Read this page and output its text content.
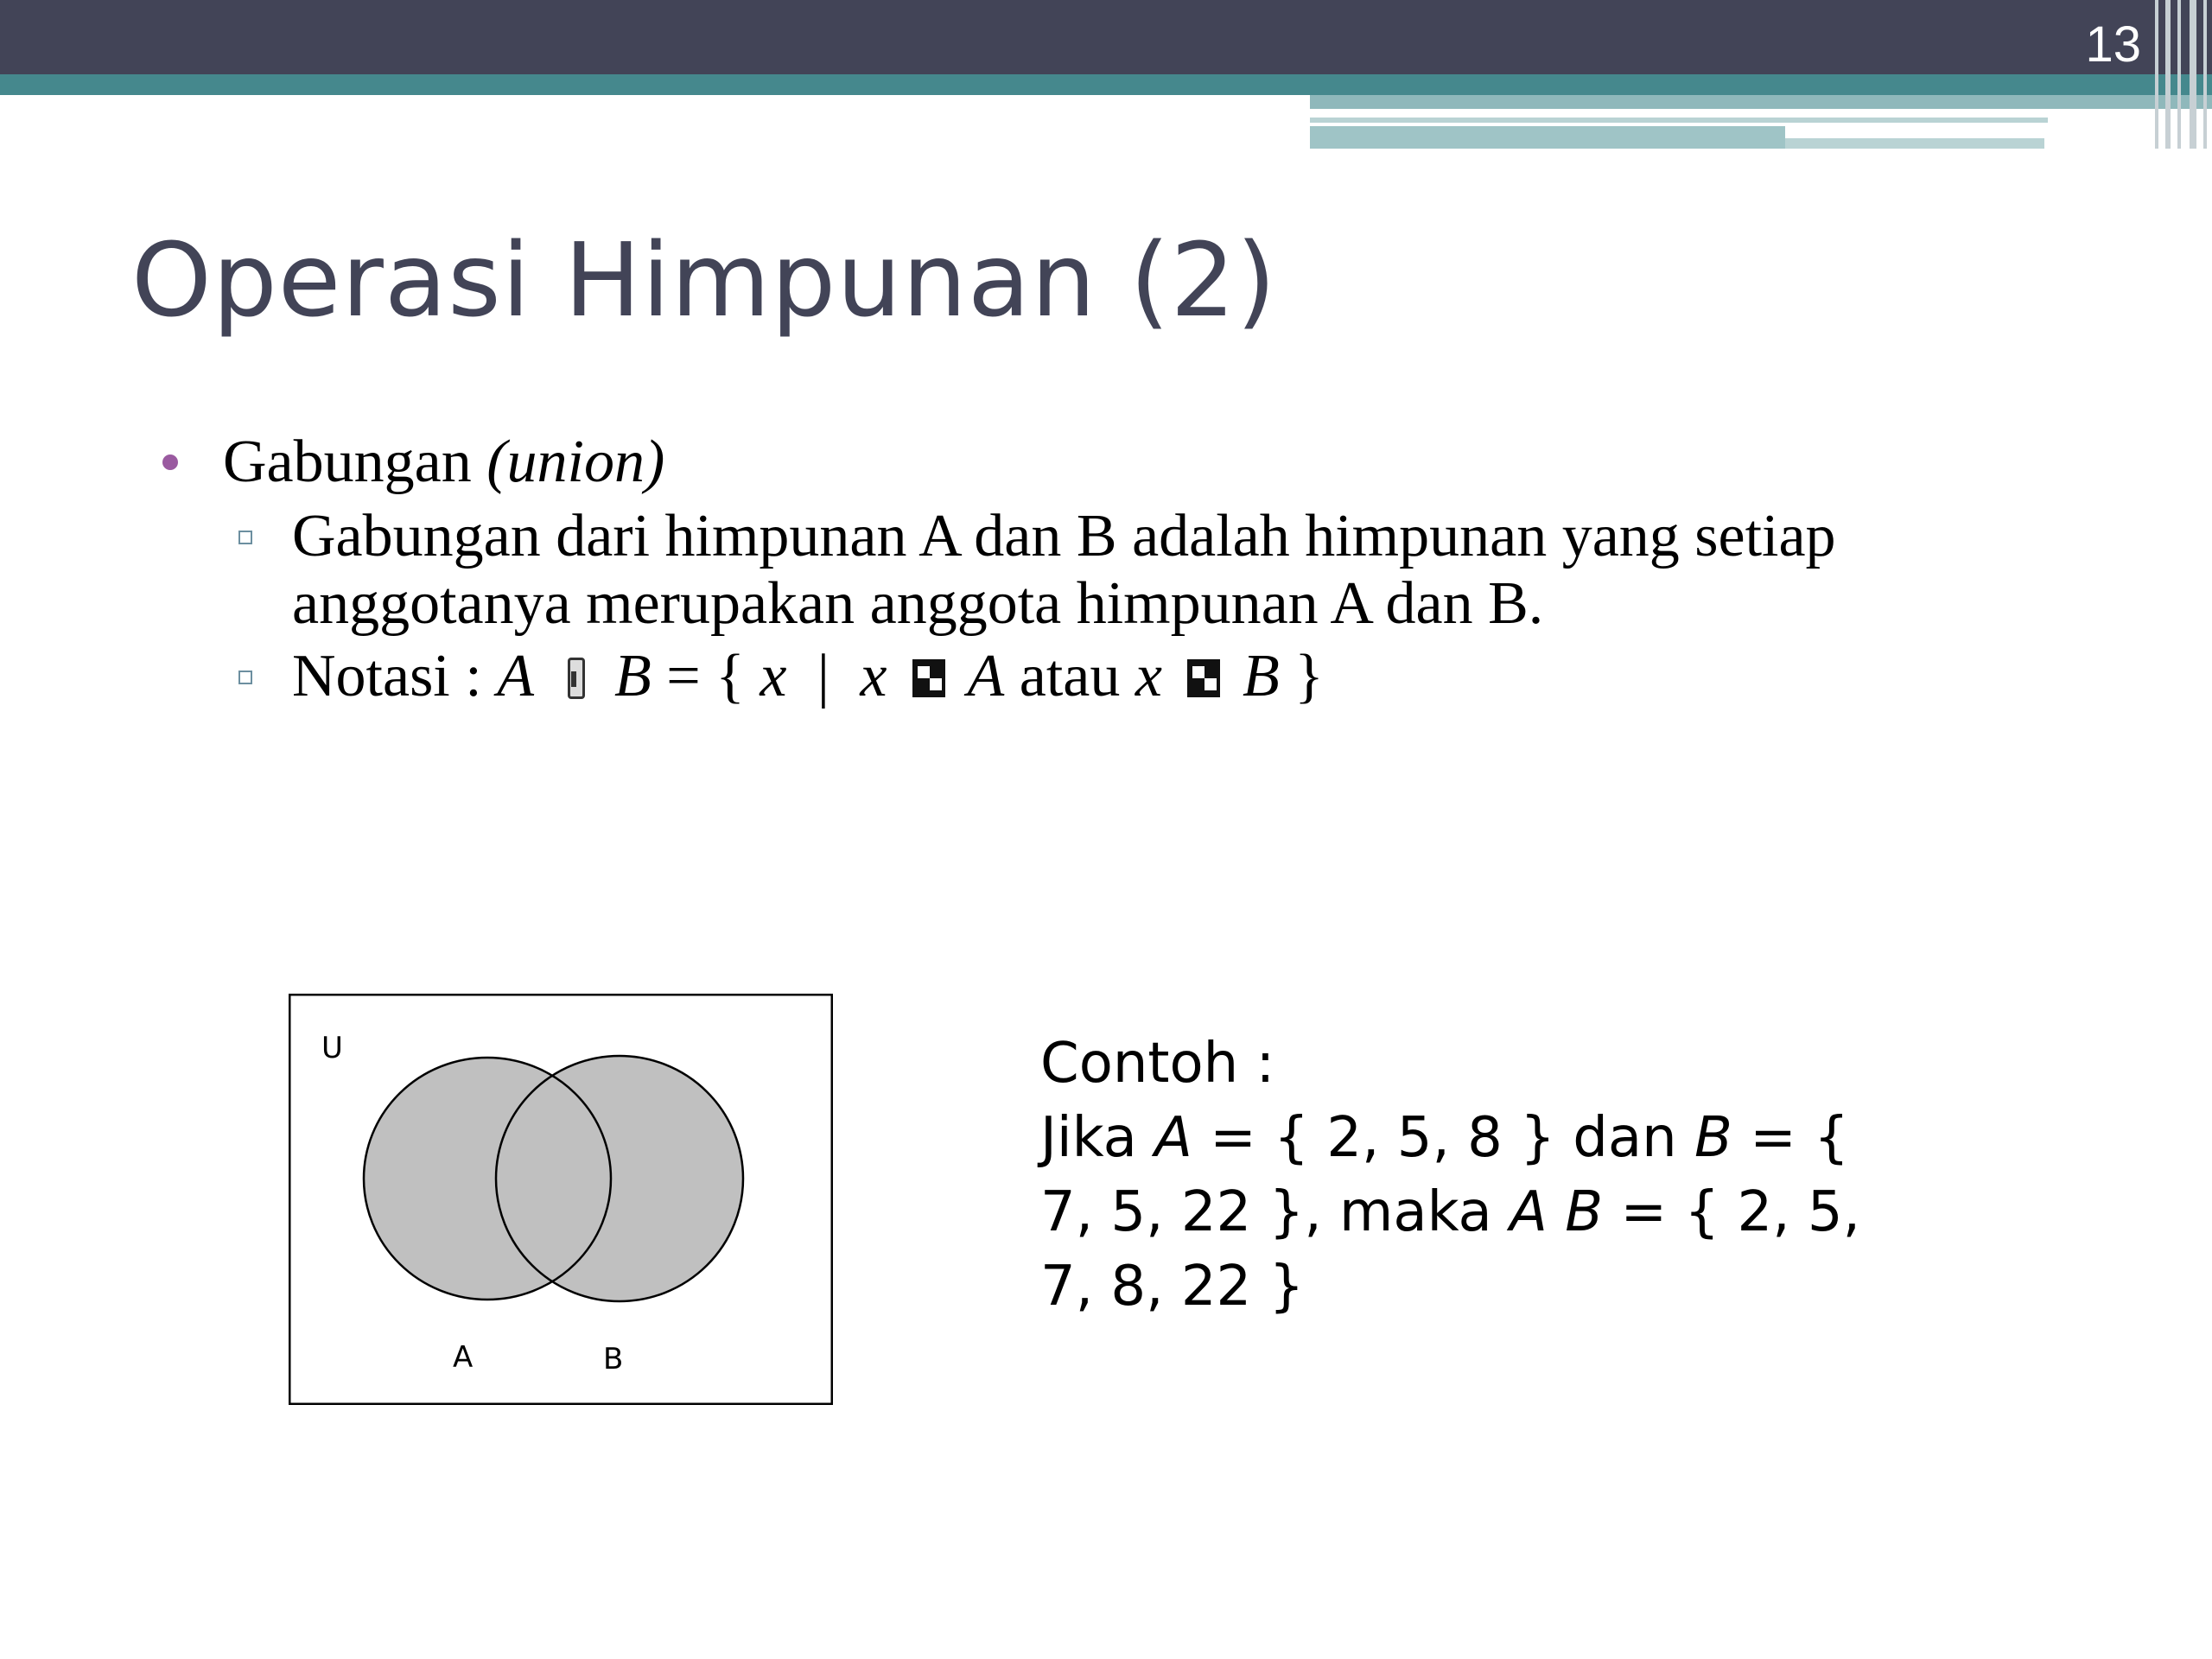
13
Operasi Himpunan (2)
Gabungan (union)
Gabungan dari himpunan A dan B adalah himpunan yang setiap anggotanya merupakan anggota himpunan A dan B.
Notasi : A B = { x | x A atau x B }
U
A	B

Contoh :

Jika A = { 2, 5, 8 } dan B = {

7, 5, 22 }, maka A B = { 2, 5,

7, 8, 22 }
